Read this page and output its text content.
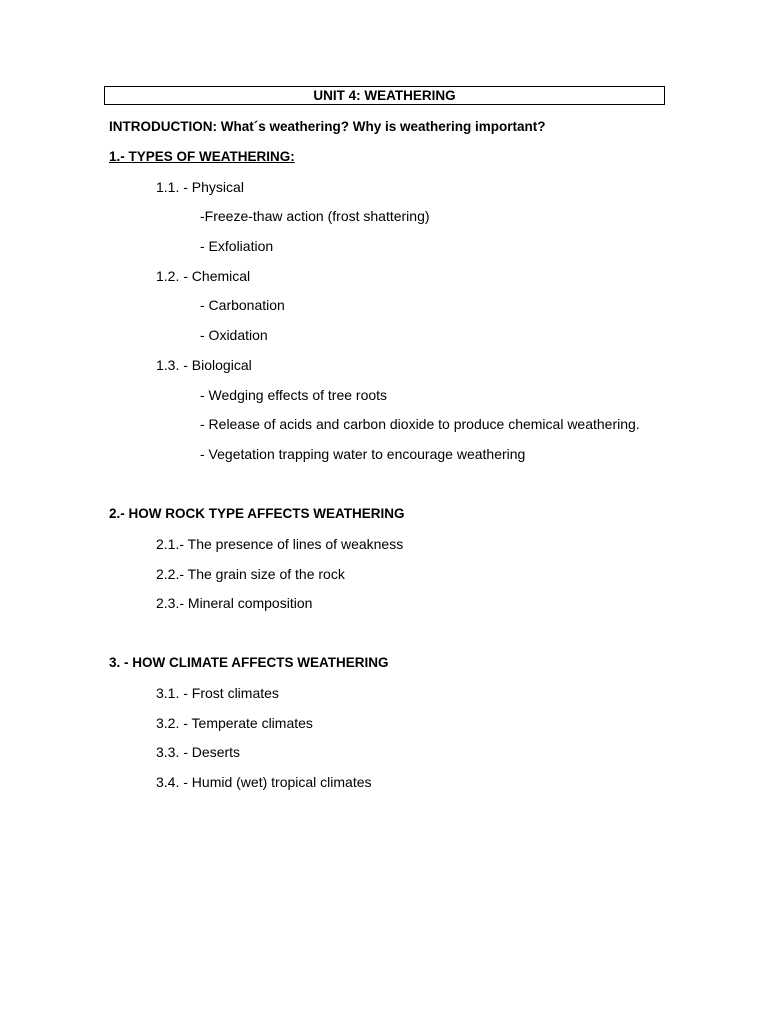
UNIT 4: WEATHERING
INTRODUCTION: What´s weathering? Why is weathering important?
1.- TYPES OF WEATHERING:
1.1. - Physical
-Freeze-thaw action (frost shattering)
- Exfoliation
1.2. - Chemical
- Carbonation
- Oxidation
1.3. - Biological
- Wedging effects of tree roots
- Release of acids and carbon dioxide to produce chemical weathering.
- Vegetation trapping water to encourage weathering
2.- HOW ROCK TYPE AFFECTS WEATHERING
2.1.- The presence of lines of weakness
2.2.- The grain size of the rock
2.3.- Mineral composition
3. - HOW CLIMATE AFFECTS WEATHERING
3.1. - Frost climates
3.2. - Temperate climates
3.3. - Deserts
3.4. - Humid (wet) tropical climates
